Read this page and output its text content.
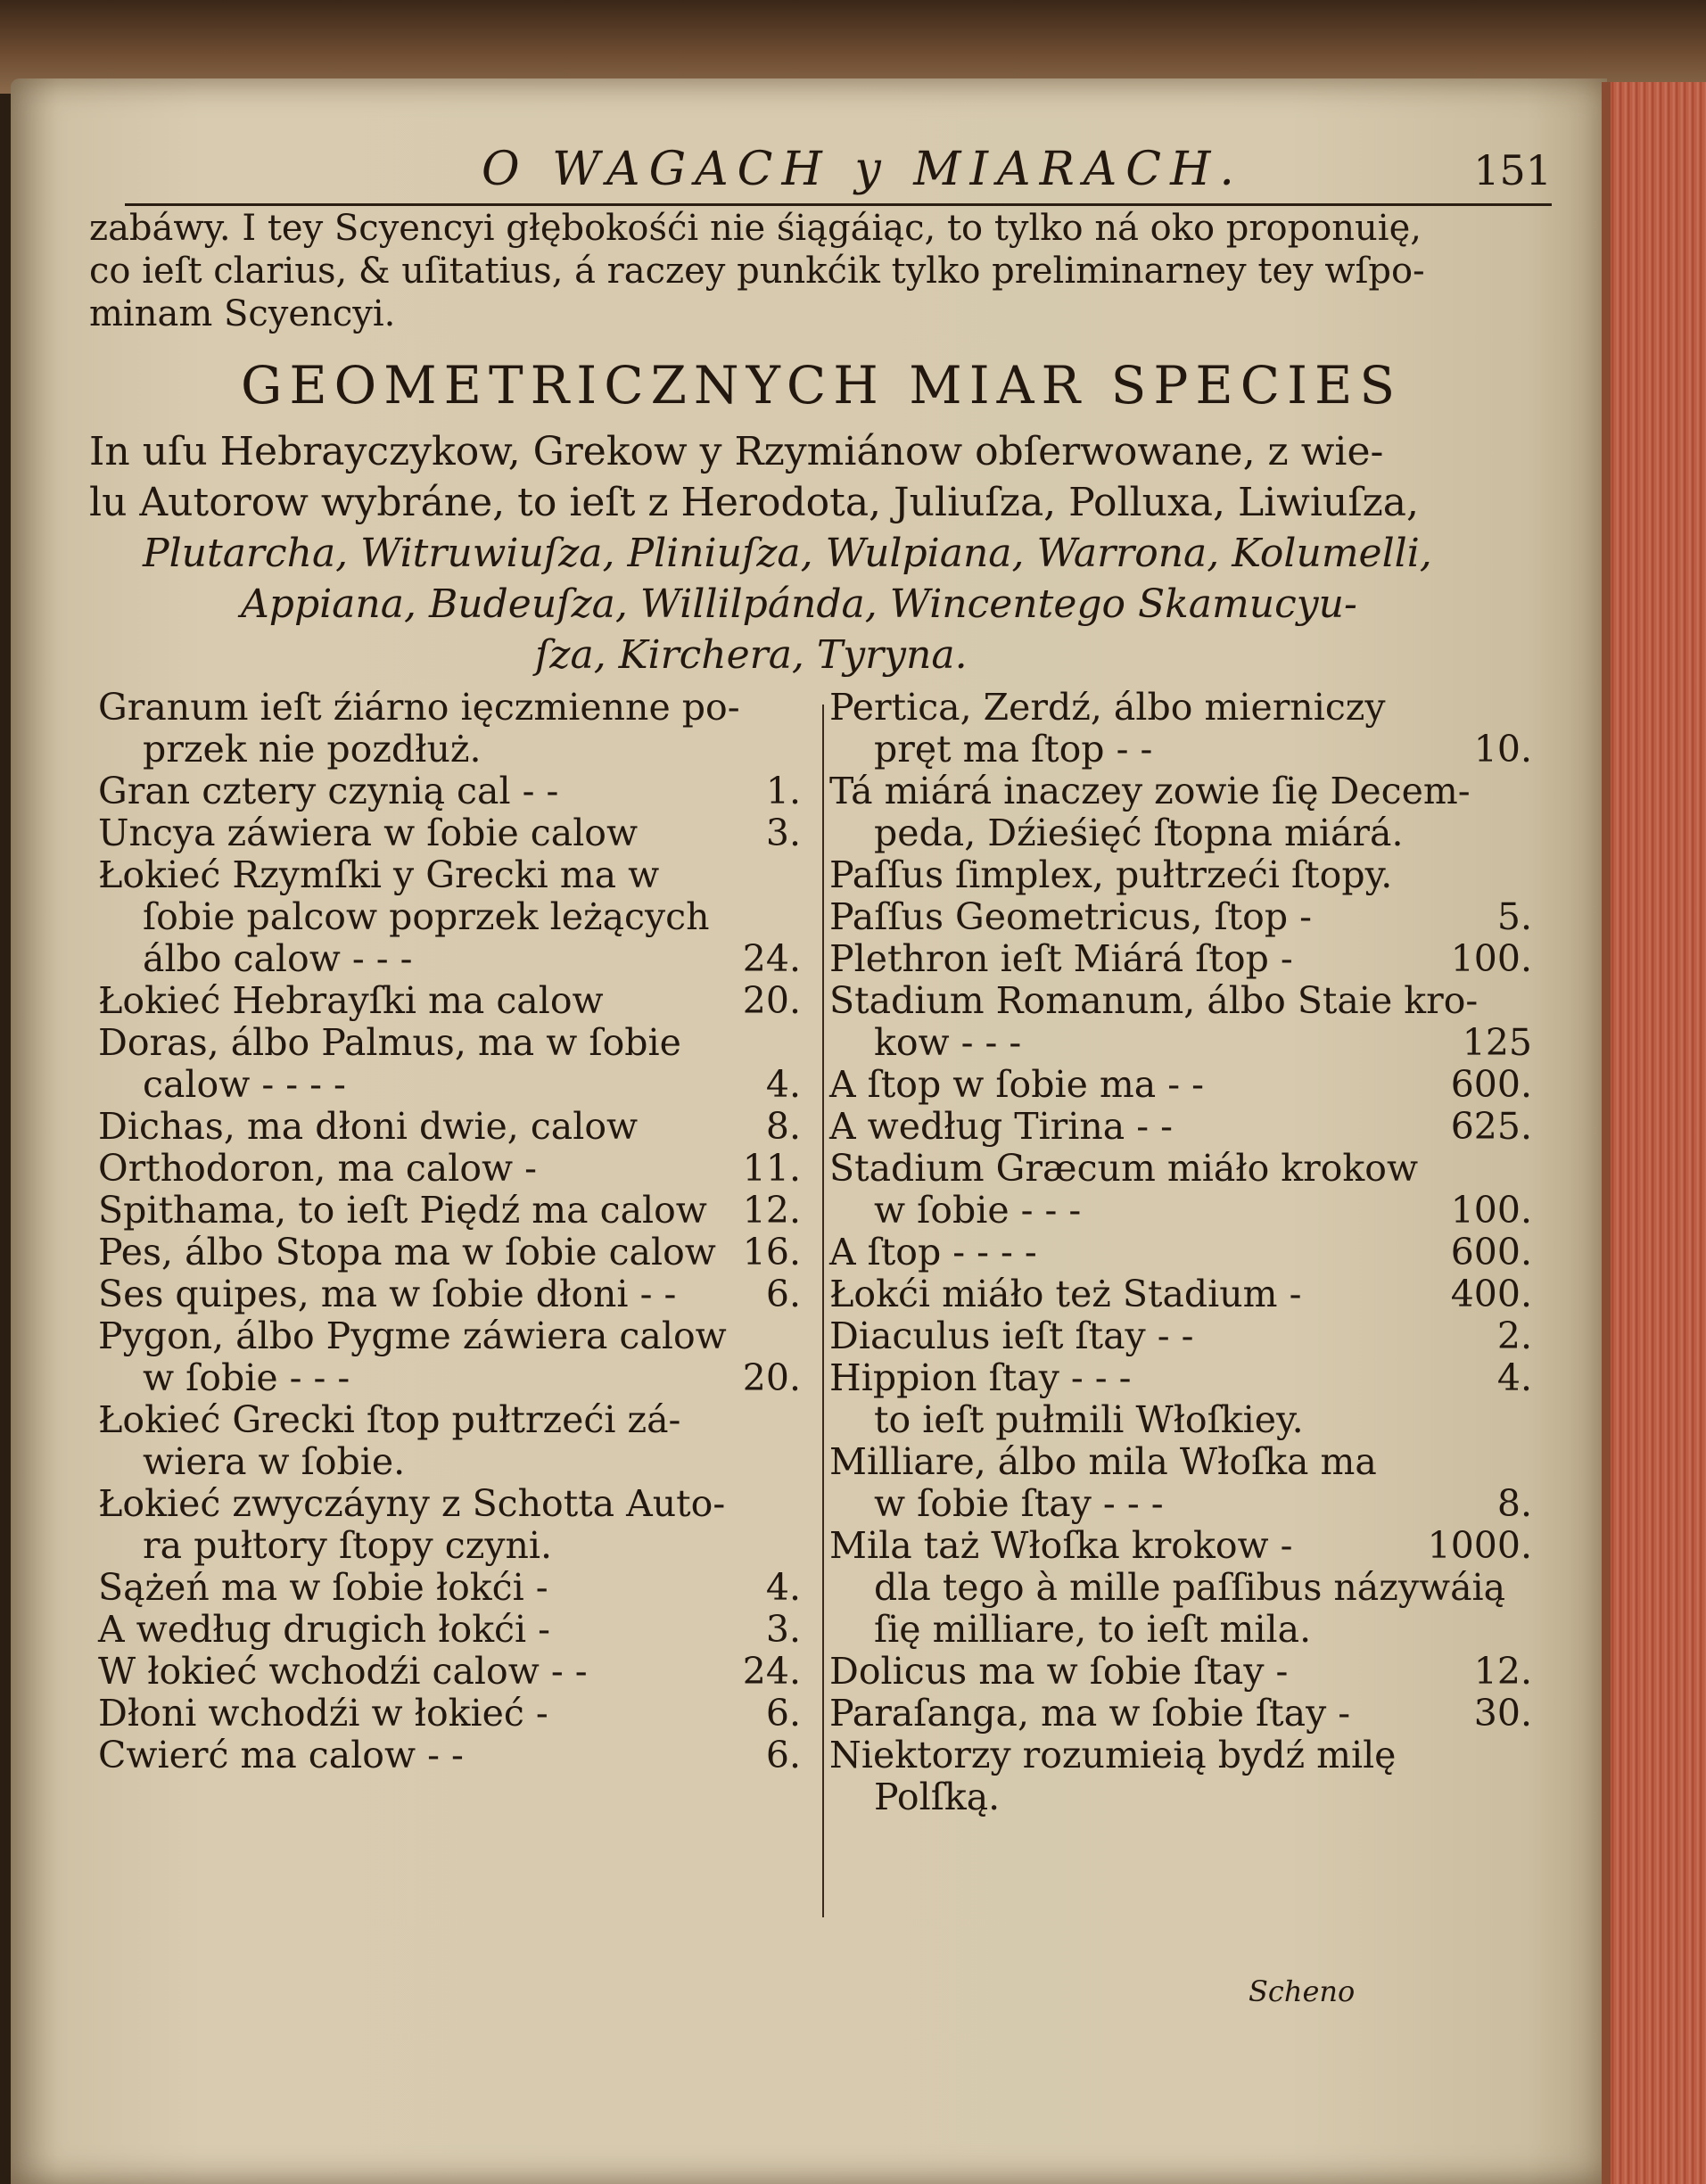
O WAGACH y MIARACH.	151
zabáwy. I tey Scyencyi głębokośći nie śiągáiąc, to tylko ná oko proponuię,
co ieſt clarius, & uſitatius, á raczey punkćik tylko preliminarney tey wſpo-
minam Scyencyi.
GEOMETRICZNYCH MIAR SPECIES
In uſu Hebrayczykow, Grekow y Rzymiánow obſerwowane, z wie-
lu Autorow wybráne, to ieſt z Herodota, Juliuſza, Polluxa, Liwiuſza,
Plutarcha, Witruwiuſza, Pliniuſza, Wulpiana, Warrona, Kolumelli,
Appiana, Budeuſza, Willilpánda, Wincentego Skamucyu-
ſza, Kirchera, Tyryna.
Granum ieſt źiárno ięczmienne po-
przek nie pozdłuż.
Gran cztery czynią cal - -	1.
Uncya záwiera w ſobie calow	3.
Łokieć Rzymſki y Grecki ma w
ſobie palcow poprzek leżących
álbo calow - - -	24.
Łokieć Hebrayſki ma calow	20.
Doras, álbo Palmus, ma w ſobie
calow - - - -	4.
Dichas, ma dłoni dwie, calow	8.
Orthodoron, ma calow -	11.
Spithama, to ieſt Piędź ma calow 12.
Pes, álbo Stopa ma w ſobie calow 16.
Ses quipes, ma w ſobie dłoni - - 6.
Pygon, álbo Pygme záwiera calow
w ſobie - - -	20.
Łokieć Grecki ſtop pułtrzeći zá-
wiera w ſobie.
Łokieć zwyczáyny z Schotta Auto-
ra pułtory ſtopy czyni.
Sążeń ma w ſobie łokći -	4.
A według drugich łokći -	3.
W łokieć wchodźi calow - -	24.
Dłoni wchodźi w łokieć -	6.
Cwierć ma calow - -	6.
Pertica, Zerdź, álbo mierniczy
pręt ma ſtop - -	10.
Tá miárá inaczey zowie ſię Decem-
peda, Dźieśięć ſtopna miárá.
Paſſus ſimplex, pułtrzeći ſtopy.
Paſſus Geometricus, ſtop -	5.
Plethron ieſt Miárá ſtop -	100.
Stadium Romanum, álbo Staie kro-
kow - - -	125
A ſtop w ſobie ma - -	600.
A według Tirina - -	625.
Stadium Græcum miáło krokow
w ſobie - - -	100.
A ſtop - - - -	600.
Łokći miáło też Stadium -	400.
Diaculus ieſt ſtay - -	2.
Hippion ſtay - - -	4.
to ieſt pułmili Włoſkiey.
Milliare, álbo mila Włoſka ma
w ſobie ſtay - - -	8.
Mila taż Włoſka krokow -	1000.
dla tego à mille paſſibus názywáią
ſię milliare, to ieſt mila.
Dolicus ma w ſobie ſtay -	12.
Paraſanga, ma w ſobie ſtay -	30.
Niektorzy rozumieią bydź milę
Polſką.
Scheno
